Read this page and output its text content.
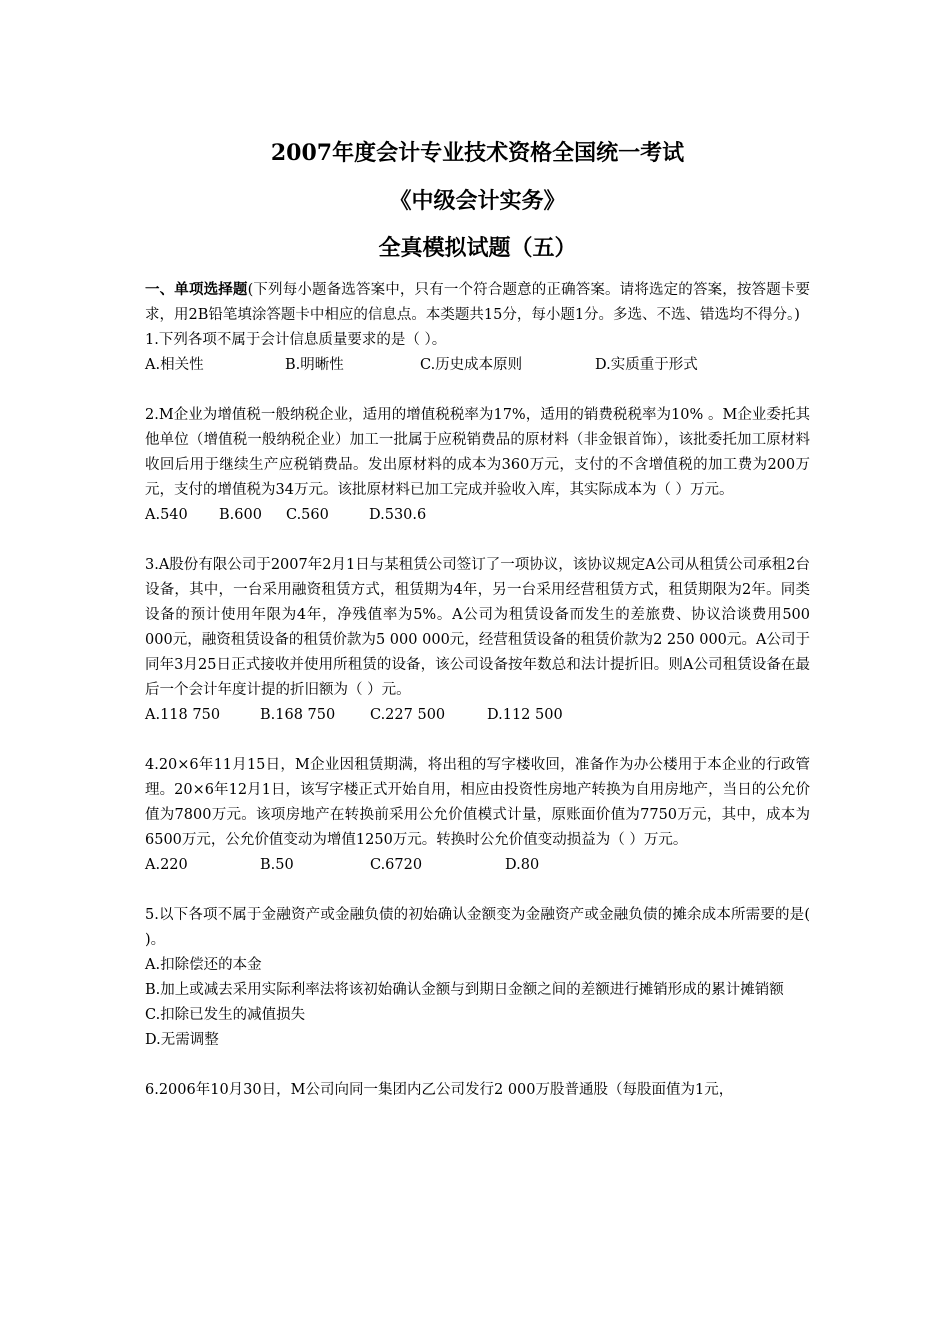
2007年度会计专业技术资格全国统一考试
《中级会计实务》
全真模拟试题（五）

一、单项选择题(下列每小题备选答案中，只有一个符合题意的正确答案。请将选定的答案，按答题卡要求，用2B铅笔填涂答题卡中相应的信息点。本类题共15分，每小题1分。多选、不选、错选均不得分。)

1.下列各项不属于会计信息质量要求的是（ ）。

A.相关性	B.明晰性	C.历史成本原则	D.实质重于形式

2.M企业为增值税一般纳税企业，适用的增值税税率为17%，适用的销费税税率为10% 。M企业委托其他单位（增值税一般纳税企业）加工一批属于应税销费品的原材料（非金银首饰），该批委托加工原材料收回后用于继续生产应税销费品。发出原材料的成本为360万元，支付的不含增值税的加工费为200万元，支付的增值税为34万元。该批原材料已加工完成并验收入库，其实际成本为（ ）万元。

A.540	B.600	C.560	D.530.6

3.A股份有限公司于2007年2月1日与某租赁公司签订了一项协议，该协议规定A公司从租赁公司承租2台设备，其中，一台采用融资租赁方式，租赁期为4年，另一台采用经营租赁方式，租赁期限为2年。同类设备的预计使用年限为4年，净残值率为5%。A公司为租赁设备而发生的差旅费、协议洽谈费用500 000元，融资租赁设备的租赁价款为5 000 000元，经营租赁设备的租赁价款为2 250 000元。A公司于同年3月25日正式接收并使用所租赁的设备，该公司设备按年数总和法计提折旧。则A公司租赁设备在最后一个会计年度计提的折旧额为（ ）元。

A.118 750	B.168 750	C.227 500	D.112 500

4.20×6年11月15日，M企业因租赁期满，将出租的写字楼收回，准备作为办公楼用于本企业的行政管理。20×6年12月1日，该写字楼正式开始自用，相应由投资性房地产转换为自用房地产，当日的公允价值为7800万元。该项房地产在转换前采用公允价值模式计量，原账面价值为7750万元，其中，成本为6500万元，公允价值变动为增值1250万元。转换时公允价值变动损益为（ ）万元。

A.220	B.50	C.6720	D.80

5.以下各项不属于金融资产或金融负债的初始确认金额变为金融资产或金融负债的摊余成本所需要的是( )。

A.扣除偿还的本金

B.加上或减去采用实际利率法将该初始确认金额与到期日金额之间的差额进行摊销形成的累计摊销额

C.扣除已发生的减值损失

D.无需调整

6.2006年10月30日，M公司向同一集团内乙公司发行2 000万股普通股（每股面值为1元，
